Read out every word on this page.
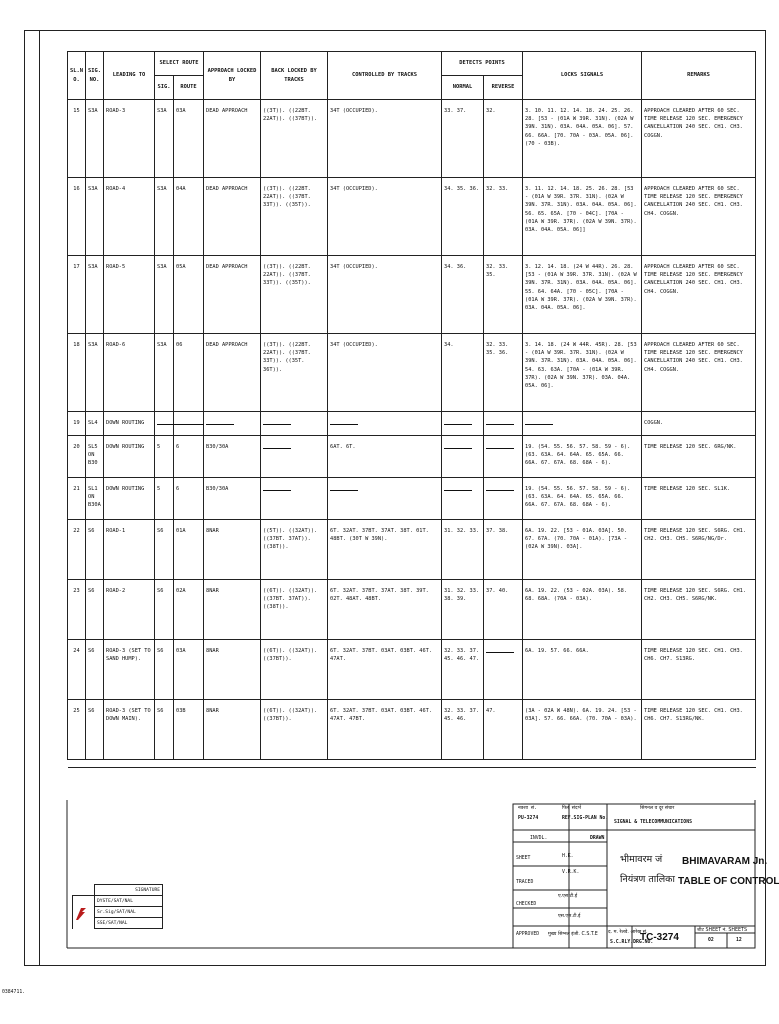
SL.NO.	SIG.NO.	LEADING TO	SELECT ROUTE		APPROACH LOCKED BY	BACK LOCKED BY TRACKS	CONTROLLED BY TRACKS	DETECTS POINTS		LOCKS SIGNALS	REMARKS
			SIG.	ROUTE				NORMAL	REVERSE		
15	S3A	ROAD-3	S3A	03A	DEAD APPROACH	((3T)). ((22BT. 22AT)). ((37BT)).	34T (OCCUPIED).	33. 37.	32.	3. 10. 11. 12. 14. 18. 24. 25. 26. 28. [53 - (01A W 39R. 31N). (02A W 39N. 31N). 03A. 04A. 05A. 06]. 57. 66. 66A. [70. 70A - 03A. 05A. 06]. (70 - 03B).	APPROACH CLEARED AFTER 60 SEC. TIME RELEASE 120 SEC. EMERGENCY CANCELLATION 240 SEC. CH1. CH3. COGGN.
16	S3A	ROAD-4	S3A	04A	DEAD APPROACH	((3T)). ((22BT. 22AT)). ((37BT. 33T)). ((35T)).	34T (OCCUPIED).	34. 35. 36.	32. 33.	3. 11. 12. 14. 18. 25. 26. 28. [53 - (01A W 39R. 37R. 31N). (02A W 39N. 37R. 31N). 03A. 04A. 05A. 06]. 56. 65. 65A. [70 - 04C]. [70A - (01A W 39R. 37R). (02A W 39N. 37R). 03A. 04A. 05A. 06]]	APPROACH CLEARED AFTER 60 SEC. TIME RELEASE 120 SEC. EMERGENCY CANCELLATION 240 SEC. CH1. CH3. CH4. COGGN.
17	S3A	ROAD-5	S3A	05A	DEAD APPROACH	((3T)). ((22BT. 22AT)). ((37BT. 33T)). ((35T)).	34T (OCCUPIED).	34. 36.	32. 33. 35.	3. 12. 14. 18. (24 W 44R). 26. 28. [53 - (01A W 39R. 37R. 31N). (02A W 39N. 37R. 31N). 03A. 04A. 05A. 06]. 55. 64. 64A. [70 - 05C]. [70A - (01A W 39R. 37R). (02A W 39N. 37R). 03A. 04A. 05A. 06].	APPROACH CLEARED AFTER 60 SEC. TIME RELEASE 120 SEC. EMERGENCY CANCELLATION 240 SEC. CH1. CH3. CH4. COGGN.
18	S3A	ROAD-6	S3A	06	DEAD APPROACH	((3T)). ((22BT. 22AT)). ((37BT. 33T)). ((35T. 36T)).	34T (OCCUPIED).	34.	32. 33. 35. 36.	3. 14. 18. (24 W 44R. 45R). 28. [53 - (01A W 39R. 37R. 31N). (02A W 39N. 37R. 31N). 03A. 04A. 05A. 06]. 54. 63. 63A. [70A - (01A W 39R. 37R). (02A W 39N. 37R). 03A. 04A. 05A. 06].	APPROACH CLEARED AFTER 60 SEC. TIME RELEASE 120 SEC. EMERGENCY CANCELLATION 240 SEC. CH1. CH3. CH4. COGGN.
19	SL4	DOWN ROUTING									COGGN.
20	SL5 ON B30	DOWN ROUTING	5	6	B30/30A		6AT. 6T.			19. (54. 55. 56. 57. 58. 59 - 6). (63. 63A. 64. 64A. 65. 65A. 66. 66A. 67. 67A. 68. 68A - 6).	TIME RELEASE 120 SEC. 6RG/NK.
21	SL1 ON B30A	DOWN ROUTING	5	6	B30/30A					19. (54. 55. 56. 57. 58. 59 - 6). (63. 63A. 64. 64A. 65. 65A. 66. 66A. 67. 67A. 68. 68A - 6).	TIME RELEASE 120 SEC. SL1K.
22	S6	ROAD-1	S6	01A	8NAR	((5T)). ((32AT)). ((37BT. 37AT)). ((38T)).	6T. 32AT. 37BT. 37AT. 38T. 01T. 48BT. (30T W 39N).	31. 32. 33.	37. 38.	6A. 19. 22. [53 - 01A. 03A]. 50. 67. 67A. (70. 70A - 01A). [73A - (02A W 39N). 03A].	TIME RELEASE 120 SEC. S6RG. CH1. CH2. CH3. CH5. S6RG/NG/Dr.
23	S6	ROAD-2	S6	02A	8NAR	((6T)). ((32AT)). ((37BT. 37AT)). ((38T)).	6T. 32AT. 37BT. 37AT. 38T. 39T. 02T. 48AT. 48BT.	31. 32. 33. 38. 39.	37. 40.	6A. 19. 22. (53 - 02A. 03A). 58. 68. 68A. (70A - 03A).	TIME RELEASE 120 SEC. S6RG. CH1. CH2. CH3. CH5. S6RG/NK.
24	S6	ROAD-3 (SET TO SAND HUMP).	S6	03A	8NAR	((6T)). ((32AT)). ((37BT)).	6T. 32AT. 37BT. 03AT. 03BT. 46T. 47AT.	32. 33. 37. 45. 46. 47.		6A. 19. 57. 66. 66A.	TIME RELEASE 120 SEC. CH1. CH3. CH6. CH7. S13RG.
25	S6	ROAD-3 (SET TO DOWN MAIN).	S6	03B	8NAR	((6T)). ((32AT)). ((37BT)).	6T. 32AT. 37BT. 03AT. 03BT. 46T. 47AT. 47BT.	32. 33. 37. 45. 46.	47.	(3A - 02A W 48N). 6A. 19. 24. [53 - 03A]. 57. 66. 66A. (70. 70A - 03A).	TIME RELEASE 120 SEC. CH1. CH3. CH6. CH7. S13RG/NK.

नक्शा सं.	फिर संदर्भ
PU-3274	REF.SIG-PLAN No.
सिगनल व दूर संचार
SIGNAL & TELECOMMUNICATIONS
DRAWN
INVDL.
SHEET
TRACED
CHECKED
APPROVED
H.K.
V.R.K.
ए.एस.टी.ई
एस.एस.टी.ई
मुख्य सिग्नल इंजी. C.S.T.E
भीमावरम जं BHIMAVARAM Jn.
नियंत्रण तालिका TABLE OF CONTROL
द. म. रेलवे. आरेख सं.
S.C.RLY.DRG.NO.
TC-3274
शीट SHEET नं. SHEETS
02	12
	SIGNATURE
	DYSTE/SAT/NAL
	Sr.Sig/SAT/NAL
	SSE/SAT/NAL
0384711.
